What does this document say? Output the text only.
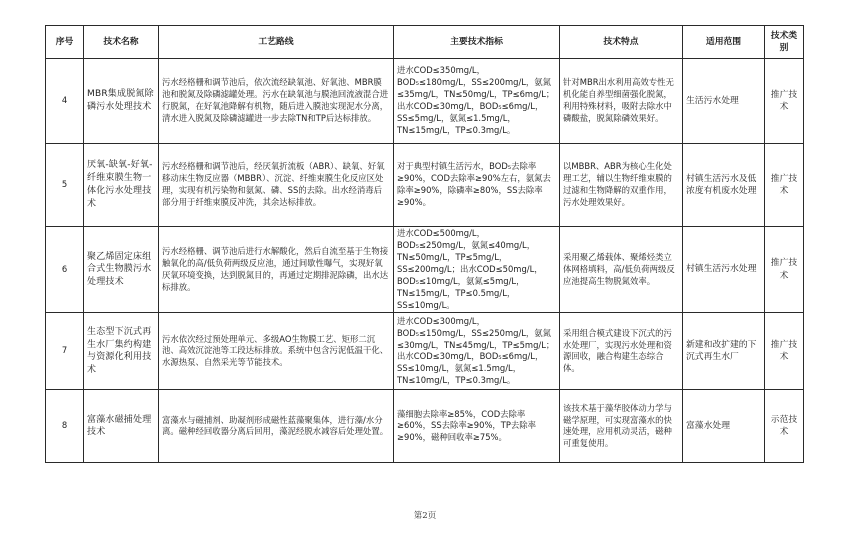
序号	技术名称	工艺路线	主要技术指标	技术特点	适用范围	技术类别
4	MBR集成脱氮除磷污水处理技术	污水经格栅和调节池后，依次流经缺氧池、好氧池、MBR膜池和脱氮及除磷滤罐处理。污水在缺氧池与膜池回流液混合进行脱氮，在好氧池降解有机物，随后进入膜池实现泥水分离，清水进入脱氮及除磷滤罐进一步去除TN和TP后达标排放。	进水COD≤350mg/L，BOD₅≤180mg/L，SS≤200mg/L，氨氮≤35mg/L，TN≤50mg/L，TP≤6mg/L；出水COD≤30mg/L，BOD₅≤6mg/L，SS≤5mg/L，氨氮≤1.5mg/L，TN≤15mg/L，TP≤0.3mg/L。	针对MBR出水利用高效专性无机化能自养型细菌强化脱氮，利用特殊材料，吸附去除水中磷酸盐，脱氮除磷效果好。	生活污水处理	推广技术
5	厌氧-缺氧-好氧-纤维束膜生物一体化污水处理技术	污水经格栅和调节池后，经厌氧折流板（ABR）、缺氧、好氧移动床生物反应器（MBBR）、沉淀、纤维束膜生化反应区处理，实现有机污染物和氨氮、磷、SS的去除。出水经消毒后部分用于纤维束膜反冲洗，其余达标排放。	对于典型村镇生活污水，BOD₅去除率≥90%，COD去除率≥90%左右，氨氮去除率≥90%，除磷率≥80%，SS去除率≥90%。	以MBBR、ABR为核心生化处理工艺，辅以生物纤维束膜的过滤和生物降解的双重作用，污水处理效果好。	村镇生活污水及低浓度有机废水处理	推广技术
6	聚乙烯固定床组合式生物膜污水处理技术	污水经格栅、调节池后进行水解酸化，然后自流至基于生物接触氧化的高/低负荷两级反应池，通过间歇性曝气，实现好氧厌氧环境变换，达到脱氮目的，再通过定期排泥除磷，出水达标排放。	进水COD≤500mg/L，BOD₅≤250mg/L，氨氮≤40mg/L，TN≤50mg/L，TP≤5mg/L，SS≤200mg/L；出水COD≤50mg/L，BOD₅≤10mg/L，氨氮≤5mg/L，TN≤15mg/L，TP≤0.5mg/L，SS≤10mg/L。	采用聚乙烯载体、聚烯烃类立体网格填料，高/低负荷两级反应池提高生物脱氮效率。	村镇生活污水处理	推广技术
7	生态型下沉式再生水厂集约构建与资源化利用技术	污水依次经过预处理单元、多级AO生物膜工艺、矩形二沉池、高效沉淀池等工段达标排放。系统中包含污泥低温干化、水源热泵、自然采光等节能技术。	进水COD≤300mg/L，BOD₅≤150mg/L，SS≤250mg/L，氨氮≤30mg/L，TN≤45mg/L，TP≤5mg/L；出水COD≤30mg/L，BOD₅≤6mg/L，SS≤10mg/L，氨氮≤1.5mg/L，TN≤10mg/L，TP≤0.3mg/L。	采用组合模式建设下沉式的污水处理厂，实现污水处理和资源回收，融合构建生态综合体。	新建和改扩建的下沉式再生水厂	推广技术
8	富藻水磁捕处理技术	富藻水与磁捕剂、助凝剂形成磁性蓝藻聚集体，进行藻/水分离。磁种经回收器分离后回用，藻泥经脱水减容后处理处置。	藻细胞去除率≥85%，COD去除率≥60%，SS去除率≥90%，TP去除率≥90%，磁种回收率≥75%。	该技术基于藻华胶体动力学与磁学原理，可实现富藻水的快速处理，应用机动灵活，磁种可重复使用。	富藻水处理	示范技术
第2页
